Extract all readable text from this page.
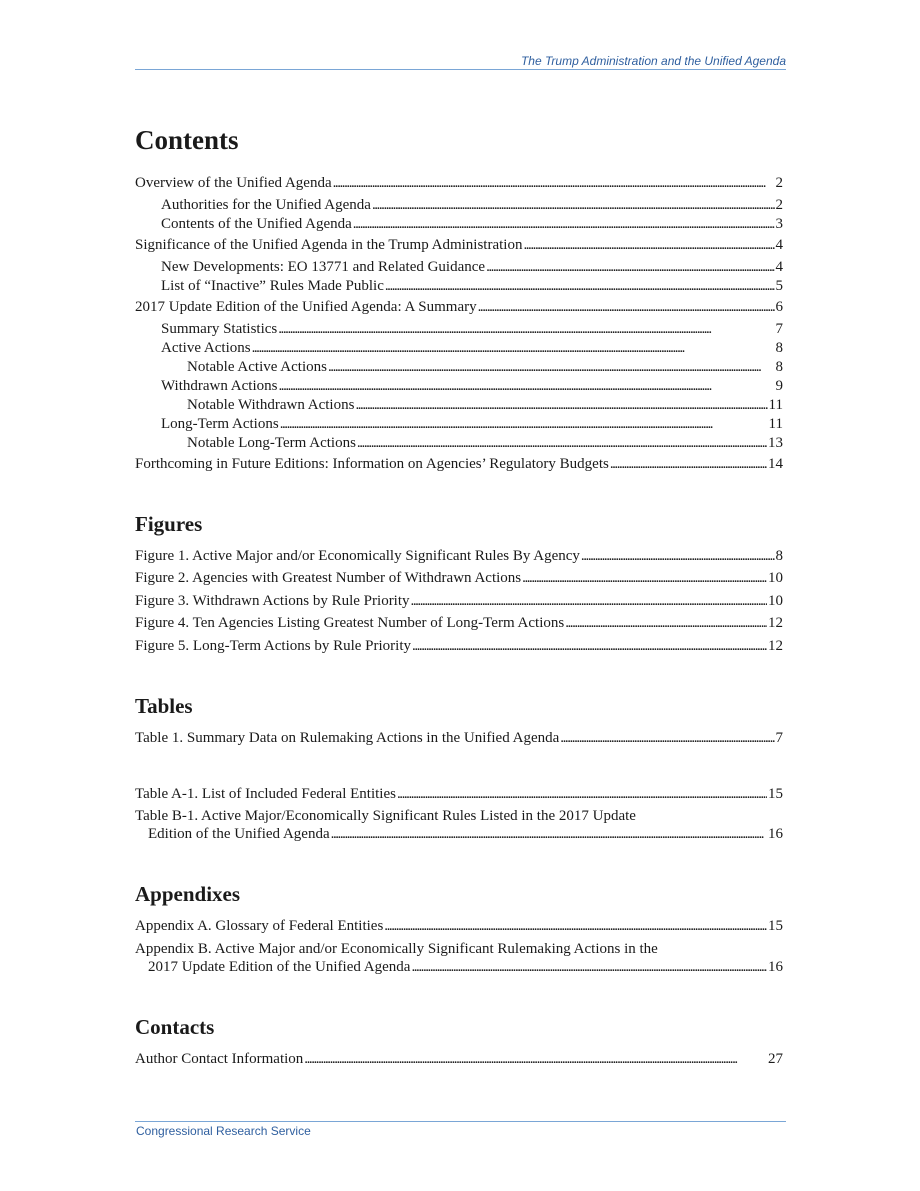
The Trump Administration and the Unified Agenda
Contents
Overview of the Unified Agenda . . .	2
Authorities for the Unified Agenda . . .	2
Contents of the Unified Agenda . . .	3
Significance of the Unified Agenda in the Trump Administration . . .	4
New Developments: EO 13771 and Related Guidance . . .	4
List of “Inactive” Rules Made Public . . .	5
2017 Update Edition of the Unified Agenda: A Summary . . .	6
Summary Statistics . . .	7
Active Actions . . .	8
Notable Active Actions . . .	8
Withdrawn Actions . . .	9
Notable Withdrawn Actions . . .	11
Long-Term Actions . . .	11
Notable Long-Term Actions . . .	13
Forthcoming in Future Editions: Information on Agencies’ Regulatory Budgets . . .	14
Figures
Figure 1. Active Major and/or Economically Significant Rules By Agency . . .	8
Figure 2. Agencies with Greatest Number of Withdrawn Actions . . .	10
Figure 3. Withdrawn Actions by Rule Priority . . .	10
Figure 4. Ten Agencies Listing Greatest Number of Long-Term Actions . . .	12
Figure 5. Long-Term Actions by Rule Priority . . .	12
Tables
Table 1. Summary Data on Rulemaking Actions in the Unified Agenda . . .	7
Table A-1. List of Included Federal Entities . . .	15
Table B-1. Active Major/Economically Significant Rules Listed in the 2017 Update
Edition of the Unified Agenda . . .	16
Appendixes
Appendix A. Glossary of Federal Entities . . .	15
Appendix B. Active Major and/or Economically Significant Rulemaking Actions in the
2017 Update Edition of the Unified Agenda . . .	16
Contacts
Author Contact Information . . .	27
Congressional Research Service
